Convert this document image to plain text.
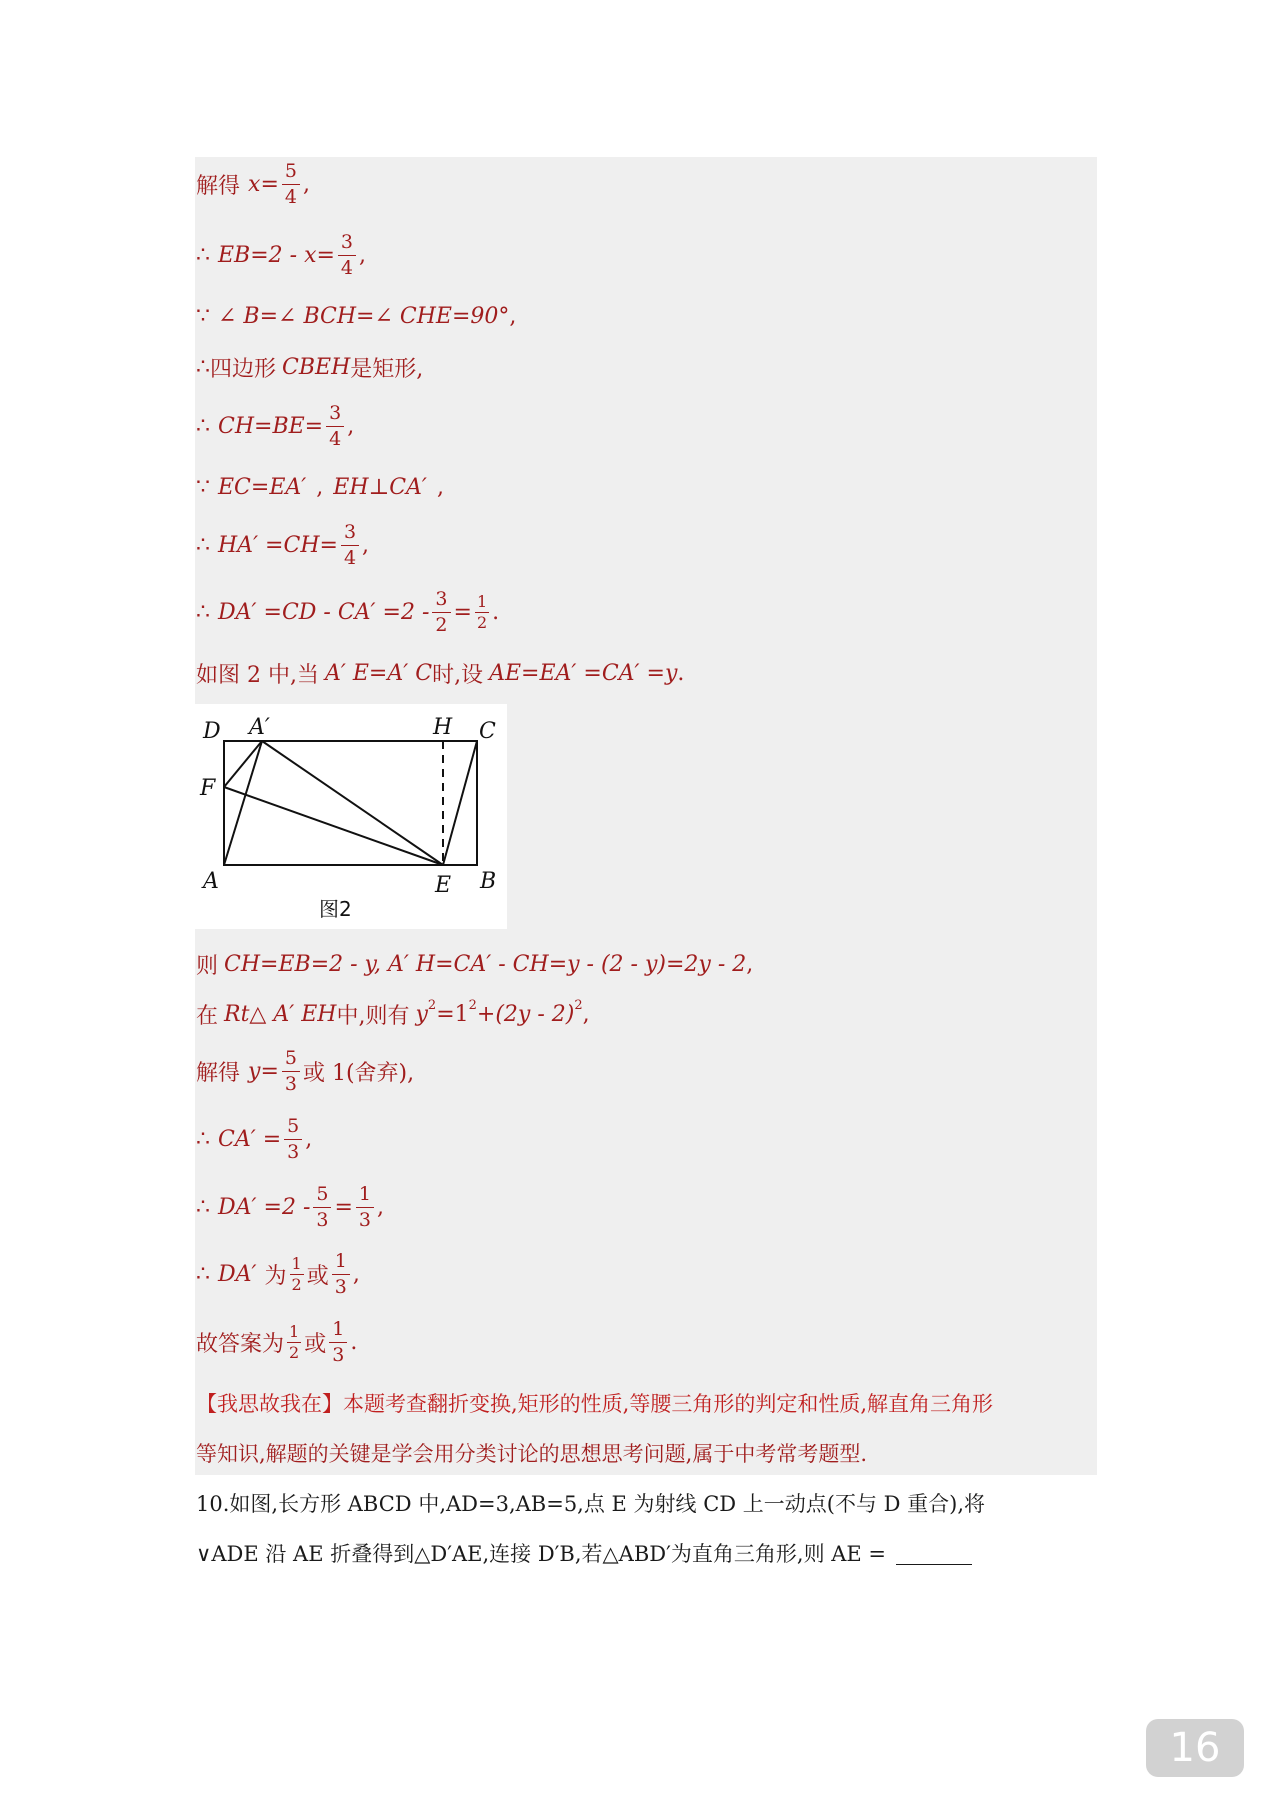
解得 $x = \frac{5}{4}$ ,
∴ $EB=2 - x= \frac{3}{4}$ ,
∵ ∠ B=∠ BCH=∠ CHE=90° ,
∴ 四边形 CBEH 是矩形,
∴ $CH=BE= \frac{3}{4}$ ,
∵ EC=EA′ , EH⊥CA′ ,
∴ $HA' =CH= \frac{3}{4}$ ,
∴ $DA' =CD - CA' =2 - \frac{3}{2} = \frac{1}{2}$ .
如图 2 中,当 A′ E=A′ C 时,设 AE=EA′ =CA′ =y .
D A′	H C
F
A	E B
图2
则 CH=EB=2 - y, A′ H=CA′ - CH=y - (2 - y)=2y - 2 ,
在 Rt△ A′ EH 中,则有 y 2 =1 2 +(2y - 2) 2 ,
解得 $y= \frac{5}{3}$ 或 1(舍弃),
∴ $CA' = \frac{5}{3}$ ,
∴ $DA' =2 - \frac{5}{3} = \frac{1}{3}$ ,
∴ DA′ 为 $\frac{1}{2}$ 或 $\frac{1}{3}$ ,
故答案为 $\frac{1}{2}$ 或 $\frac{1}{3}$ .
【我思故我在】本题考查翻折变换,矩形的性质,等腰三角形的判定和性质,解直角三角形
等知识,解题的关键是学会用分类讨论的思想思考问题,属于中考常考题型.
10.如图,长方形 ABCD 中,AD=3,AB=5,点 E 为射线 CD 上一动点(不与 D 重合),将
∨ADE 沿 AE 折叠得到△D′AE,连接 D′B,若△ABD′为直角三角形,则 AE =
16
